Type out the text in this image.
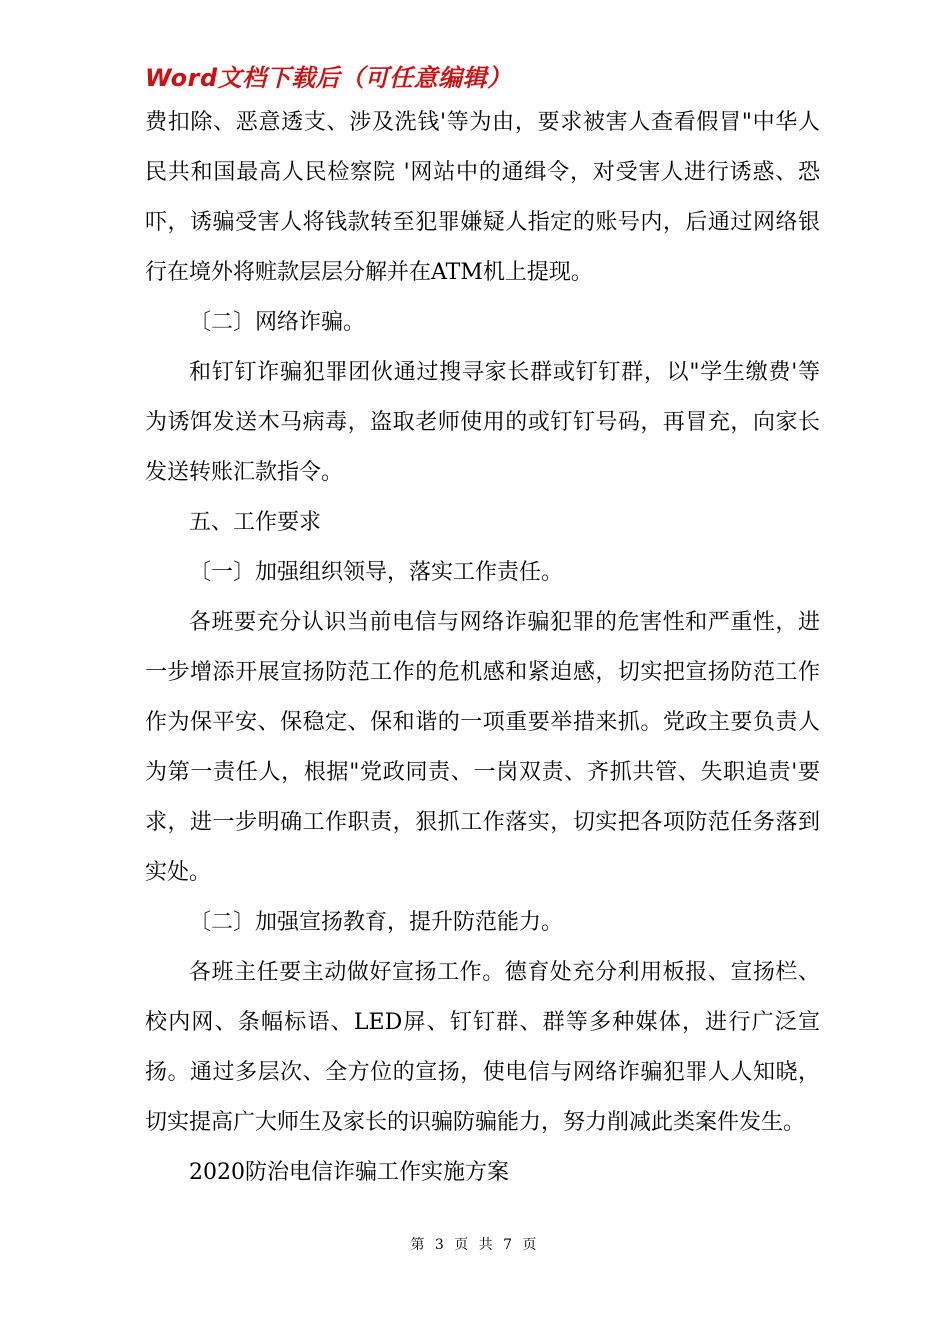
Word文档下载后（可任意编辑）

费扣除、恶意透支、涉及洗钱'等为由，要求被害人查看假冒"中华人民共和国最高人民检察院 '网站中的通缉令，对受害人进行诱惑、恐吓，诱骗受害人将钱款转至犯罪嫌疑人指定的账号内，后通过网络银行在境外将赃款层层分解并在ATM机上提现。

〔二〕网络诈骗。

和钉钉诈骗犯罪团伙通过搜寻家长群或钉钉群，以"学生缴费'等为诱饵发送木马病毒，盗取老师使用的或钉钉号码，再冒充，向家长发送转账汇款指令。

五、工作要求

〔一〕加强组织领导，落实工作责任。

各班要充分认识当前电信与网络诈骗犯罪的危害性和严重性，进一步增添开展宣扬防范工作的危机感和紧迫感，切实把宣扬防范工作作为保平安、保稳定、保和谐的一项重要举措来抓。党政主要负责人为第一责任人，根据"党政同责、一岗双责、齐抓共管、失职追责'要求，进一步明确工作职责，狠抓工作落实，切实把各项防范任务落到实处。

〔二〕加强宣扬教育，提升防范能力。

各班主任要主动做好宣扬工作。德育处充分利用板报、宣扬栏、校内网、条幅标语、LED屏、钉钉群、群等多种媒体，进行广泛宣扬。通过多层次、全方位的宣扬，使电信与网络诈骗犯罪人人知晓，切实提高广大师生及家长的识骗防骗能力，努力削减此类案件发生。

2020防治电信诈骗工作实施方案

第 3 页 共 7 页
